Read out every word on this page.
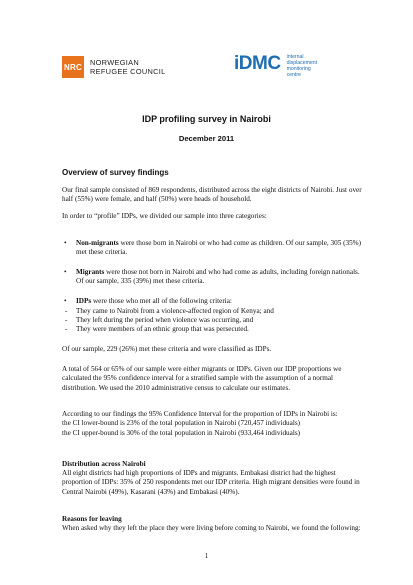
NRC NORWEGIAN
REFUGEE COUNCIL	iDMC internal
displacement
monitoring
centre
IDP profiling survey in Nairobi
December 2011
Overview of survey findings
Our final sample consisted of 869 respondents, distributed across the eight districts of Nairobi. Just over half (55%) were female, and half (50%) were heads of household.
In order to “profile” IDPs, we divided our sample into three categories:
• Non-migrants were those born in Nairobi or who had come as children. Of our sample, 305 (35%) met these criteria.
• Migrants were those not born in Nairobi and who had come as adults, including foreign nationals. Of our sample, 335 (39%) met these criteria.
• IDPs were those who met all of the following criteria:
- They came to Nairobi from a violence-affected region of Kenya; and
- They left during the period when violence was occurring, and
- They were members of an ethnic group that was persecuted.
Of our sample, 229 (26%) met these criteria and were classified as IDPs.
A total of 564 or 65% of our sample were either migrants or IDPs. Given our IDP proportions we calculated the 95% confidence interval for a stratified sample with the assumption of a normal distribution. We used the 2010 administrative census to calculate our estimates.
According to our findings the 95% Confidence Interval for the proportion of IDPs in Nairobi is:
the CI lower-bound is 23% of the total population in Nairobi (720,457 individuals)
the CI upper-bound is 30% of the total population in Nairobi (933,464 individuals)
Distribution across Nairobi
All eight districts had high proportions of IDPs and migrants. Embakasi district had the highest proportion of IDPs: 35% of 250 respondents met our IDP criteria. High migrant densities were found in Central Nairobi (49%), Kasarani (43%) and Embakasi (40%).
Reasons for leaving
When asked why they left the place they were living before coming to Nairobi, we found the following:
1
